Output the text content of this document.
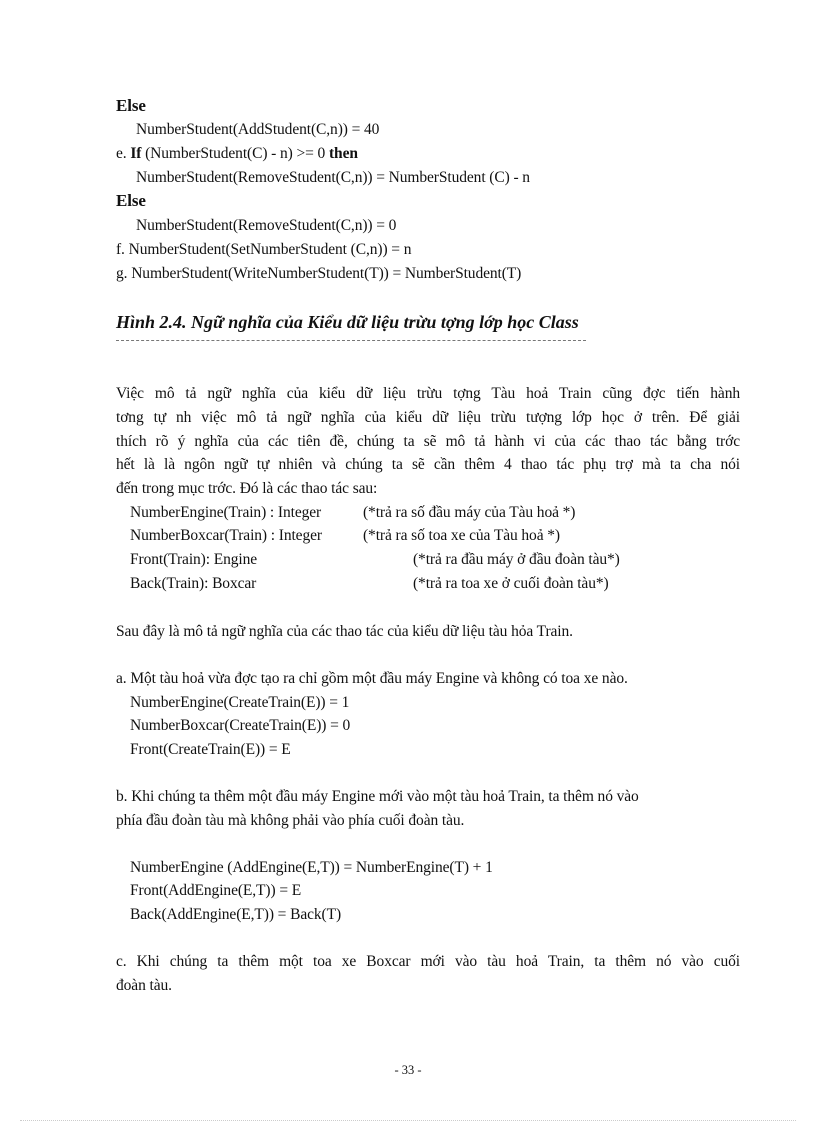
Else
NumberStudent(AddStudent(C,n)) = 40
e. If (NumberStudent(C) - n) >= 0 then
NumberStudent(RemoveStudent(C,n)) = NumberStudent (C) - n
Else
NumberStudent(RemoveStudent(C,n)) = 0
f. NumberStudent(SetNumberStudent (C,n)) = n
g. NumberStudent(WriteNumberStudent(T)) = NumberStudent(T)
Hình 2.4. Ngữ nghĩa của Kiểu dữ liệu trừu tợng lớp học Class
Việc mô tả ngữ nghĩa của kiểu dữ liệu trừu tợng Tàu hoả Train cũng đợc tiến hành
tơng tự nh việc mô tả ngữ nghĩa của kiểu dữ liệu trừu tượng lớp học ở trên. Để giải
thích rõ ý nghĩa của các tiên đề, chúng ta sẽ mô tả hành vi của các thao tác bằng trớc
hết là là ngôn ngữ tự nhiên và chúng ta sẽ cần thêm 4 thao tác phụ trợ mà ta cha nói
đến trong mục trớc. Đó là các thao tác sau:
NumberEngine(Train) : Integer	(*trả ra số đầu máy của Tàu hoả *)
NumberBoxcar(Train) : Integer	(*trả ra số toa xe của Tàu hoả *)
Front(Train): Engine	(*trả ra đầu máy ở đầu đoàn tàu*)
Back(Train): Boxcar	(*trả ra toa xe ở cuối đoàn tàu*)
Sau đây là mô tả ngữ nghĩa của các thao tác của kiểu dữ liệu tàu hỏa Train.
a. Một tàu hoả vừa đợc tạo ra chỉ gồm một đầu máy Engine và không có toa xe nào.
NumberEngine(CreateTrain(E)) = 1
NumberBoxcar(CreateTrain(E)) = 0
Front(CreateTrain(E)) = E
b. Khi chúng ta thêm một đầu máy Engine mới vào một tàu hoả Train, ta thêm nó vào
phía đầu đoàn tàu mà không phải vào phía cuối đoàn tàu.
NumberEngine (AddEngine(E,T)) = NumberEngine(T) + 1
Front(AddEngine(E,T)) = E
Back(AddEngine(E,T)) = Back(T)
c. Khi chúng ta thêm một toa xe Boxcar mới vào tàu hoả Train, ta thêm nó vào cuối
đoàn tàu.
- 33 -
